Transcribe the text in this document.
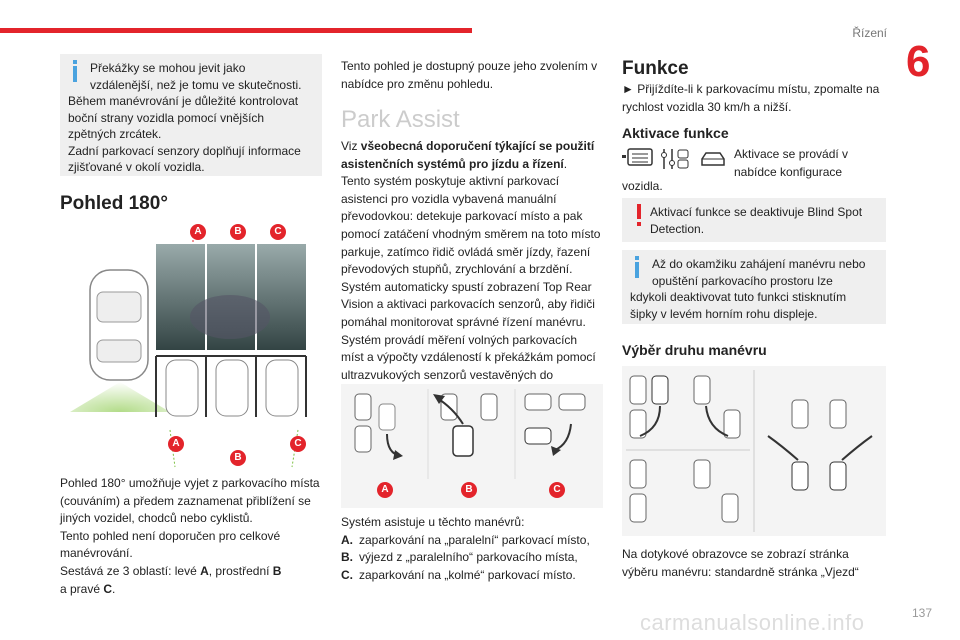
Řízení
6
Překážky se mohou jevit jako
vzdálenější, než je tomu ve skutečnosti.
Během manévrování je důležité kontrolovat
boční strany vozidla pomocí vnějších
zpětných zrcátek.
Zadní parkovací senzory doplňují informace
zjišťované v okolí vozidla.
Pohled 180°
A	B	C
A
B
C
Pohled 180° umožňuje vyjet z parkovacího místa
(couváním) a předem zaznamenat přiblížení se
jiných vozidel, chodců nebo cyklistů.
Tento pohled není doporučen pro celkové
manévrování.
Sestává ze 3 oblastí: levé A, prostřední B
a pravé C.
Tento pohled je dostupný pouze jeho zvolením v
nabídce pro změnu pohledu.
Park Assist
Viz všeobecná doporučení týkající se použití
asistenčních systémů pro jízdu a řízení.
Tento systém poskytuje aktivní parkovací
asistenci pro vozidla vybavená manuální
převodovkou: detekuje parkovací místo a pak
pomocí zatáčení vhodným směrem na toto místo
parkuje, zatímco řidič ovládá směr jízdy, řazení
převodových stupňů, zrychlování a brzdění.
Systém automaticky spustí zobrazení Top Rear
Vision a aktivaci parkovacích senzorů, aby řidiči
pomáhal monitorovat správné řízení manévru.
Systém provádí měření volných parkovacích
míst a výpočty vzdáleností k překážkám pomocí
ultrazvukových senzorů vestavěných do
A	B	C
Systém asistuje u těchto manévrů:
A. zaparkování na „paralelní“ parkovací místo,
B. výjezd z „paralelního“ parkovacího místa,
C. zaparkování na „kolmé“ parkovací místo.
Funkce
► Přijíždíte-li k parkovacímu místu, zpomalte na
rychlost vozidla 30 km/h a nižší.
Aktivace funkce
Aktivace se provádí v
nabídce konfigurace
vozidla.
Aktivací funkce se deaktivuje Blind Spot
Detection.
Až do okamžiku zahájení manévru nebo
opuštění parkovacího prostoru lze
kdykoli deaktivovat tuto funkci stisknutím
šipky v levém horním rohu displeje.
Výběr druhu manévru
Na dotykové obrazovce se zobrazí stránka
výběru manévru: standardně stránka „Vjezd“
carmanualsonline.info	137
